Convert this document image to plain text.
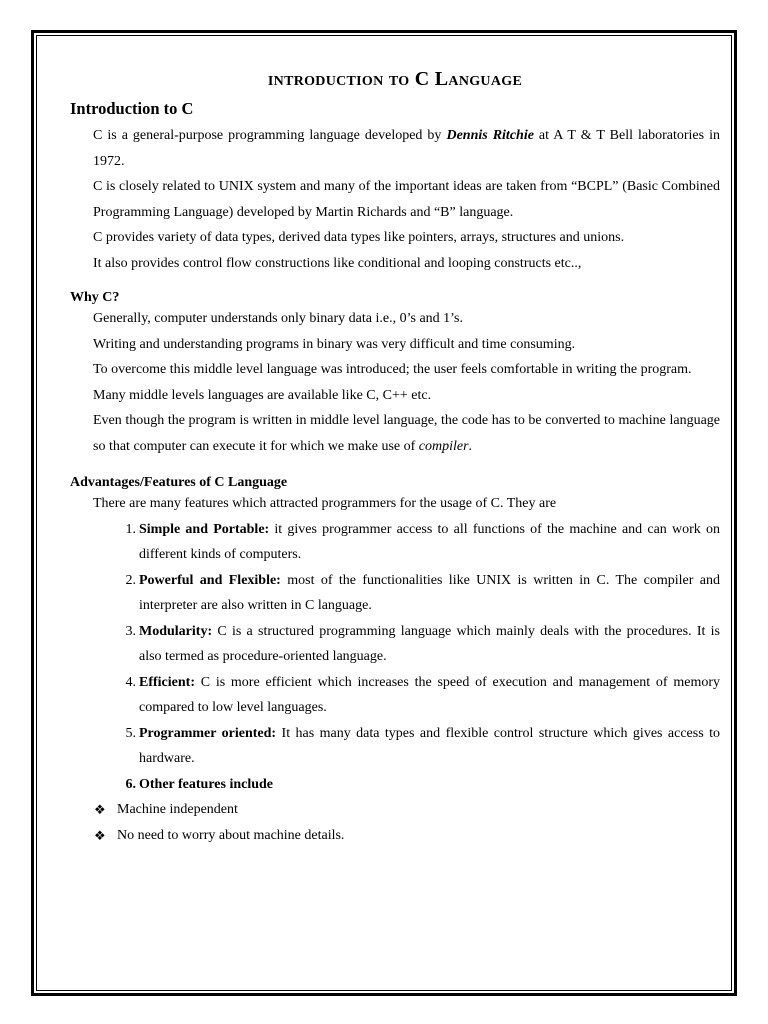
introduction to C Language
Introduction to C
C is a general-purpose programming language developed by Dennis Ritchie at A T & T Bell laboratories in 1972.
C is closely related to UNIX system and many of the important ideas are taken from “BCPL” (Basic Combined Programming Language) developed by Martin Richards and “B” language.
C provides variety of data types, derived data types like pointers, arrays, structures and unions.
It also provides control flow constructions like conditional and looping constructs etc..,
Why C?
Generally, computer understands only binary data i.e., 0’s and 1’s.
Writing and understanding programs in binary was very difficult and time consuming.
To overcome this middle level language was introduced; the user feels comfortable in writing the program.
Many middle levels languages are available like C, C++ etc.
Even though the program is written in middle level language, the code has to be converted to machine language so that computer can execute it for which we make use of compiler.
Advantages/Features of C Language

There are many features which attracted programmers for the usage of C. They are

1. Simple and Portable: it gives programmer access to all functions of the machine and can work on different kinds of computers.
2. Powerful and Flexible: most of the functionalities like UNIX is written in C. The compiler and interpreter are also written in C language.
3. Modularity: C is a structured programming language which mainly deals with the procedures. It is also termed as procedure-oriented language.
4. Efficient: C is more efficient which increases the speed of execution and management of memory compared to low level languages.
5. Programmer oriented: It has many data types and flexible control structure which gives access to hardware.
6. Other features include
❖ Machine independent
❖ No need to worry about machine details.
